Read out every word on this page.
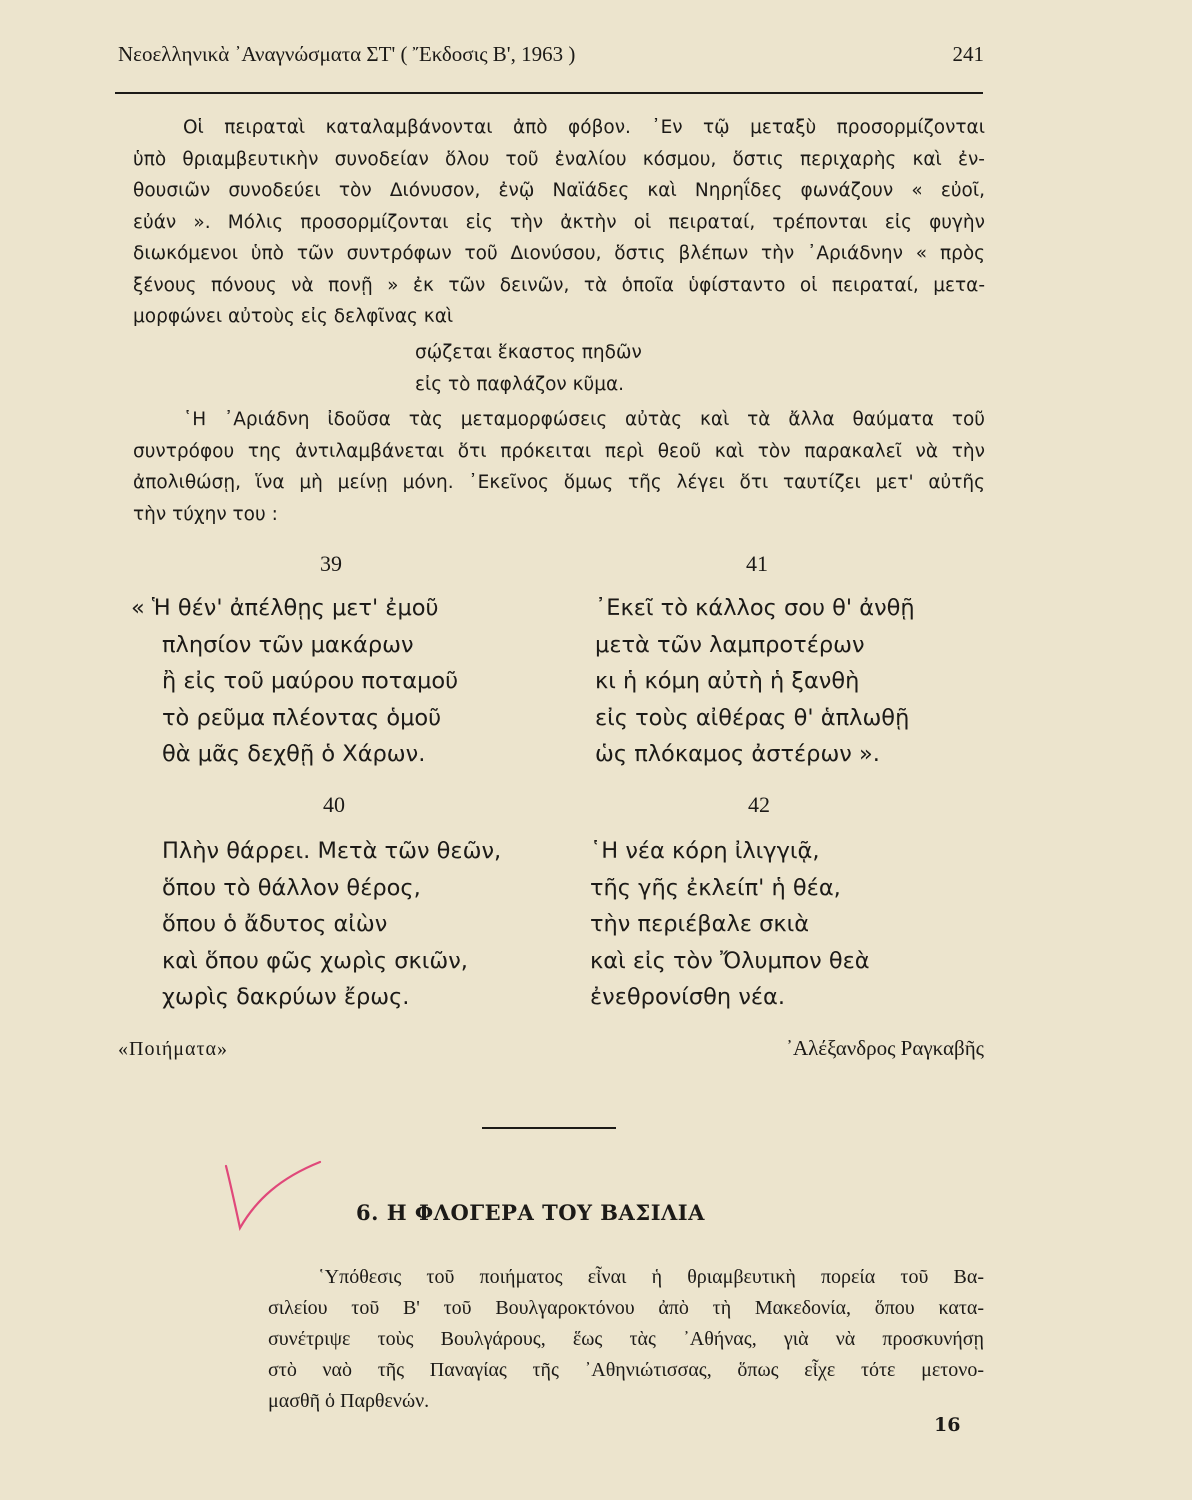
Νεοελληνικὰ ᾿Αναγνώσματα ΣΤ' ( Ἔκδοσις Β', 1963 )	241
Οἱ πειραταὶ καταλαμβάνονται ἀπὸ φόβον. ᾿Εν τῷ μεταξὺ προσορμίζονται
ὑπὸ θριαμβευτικὴν συνοδείαν ὅλου τοῦ ἐναλίου κόσμου, ὅστις περιχαρὴς καὶ ἐν-
θουσιῶν συνοδεύει τὸν Διόνυσον, ἐνῷ Ναϊάδες καὶ Νηρηΐδες φωνάζουν « εὐοῖ,
εὐάν ». Μόλις προσορμίζονται εἰς τὴν ἀκτὴν οἱ πειραταί, τρέπονται εἰς φυγὴν
διωκόμενοι ὑπὸ τῶν συντρόφων τοῦ Διονύσου, ὅστις βλέπων τὴν ᾿Αριάδνην « πρὸς
ξένους πόνους νὰ πονῇ » ἐκ τῶν δεινῶν, τὰ ὁποῖα ὑφίσταντο οἱ πειραταί, μετα-
μορφώνει αὐτοὺς εἰς δελφῖνας καὶ
σῴζεται ἕκαστος πηδῶν
εἰς τὸ παφλάζον κῦμα.
῾Η ᾿Αριάδνη ἰδοῦσα τὰς μεταμορφώσεις αὐτὰς καὶ τὰ ἄλλα θαύματα τοῦ
συντρόφου της ἀντιλαμβάνεται ὅτι πρόκειται περὶ θεοῦ καὶ τὸν παρακαλεῖ νὰ τὴν
ἀπολιθώσῃ, ἵνα μὴ μείνῃ μόνη. ᾿Εκεῖνος ὅμως τῆς λέγει ὅτι ταυτίζει μετ' αὐτῆς
τὴν τύχην του :
39
« Ἡ θέν' ἀπέλθῃς μετ' ἐμοῦ
πλησίον τῶν μακάρων
ἢ εἰς τοῦ μαύρου ποταμοῦ
τὸ ρεῦμα πλέοντας ὁμοῦ
θὰ μᾶς δεχθῇ ὁ Χάρων.
41
᾿Εκεῖ τὸ κάλλος σου θ' ἀνθῇ
μετὰ τῶν λαμπροτέρων
κι ἡ κόμη αὐτὴ ἡ ξανθὴ
εἰς τοὺς αἰθέρας θ' ἁπλωθῇ
ὡς πλόκαμος ἀστέρων ».
40
Πλὴν θάρρει. Μετὰ τῶν θεῶν,
ὅπου τὸ θάλλον θέρος,
ὅπου ὁ ἄδυτος αἰὼν
καὶ ὅπου φῶς χωρὶς σκιῶν,
χωρὶς δακρύων ἔρως.
42
῾Η νέα κόρη ἰλιγγιᾷ,
τῆς γῆς ἐκλείπ' ἡ θέα,
τὴν περιέβαλε σκιὰ
καὶ εἰς τὸν Ὄλυμπον θεὰ
ἐνεθρονίσθη νέα.
«Ποιήματα»	᾿Αλέξανδρος Ραγκαβῆς
6. Η ΦΛΟΓΕΡΑ ΤΟΥ ΒΑΣΙΛΙΑ
῾Υπόθεσις τοῦ ποιήματος εἶναι ἡ θριαμβευτικὴ πορεία τοῦ Βα-
σιλείου τοῦ Β' τοῦ Βουλγαροκτόνου ἀπὸ τὴ Μακεδονία, ὅπου κατα-
συνέτριψε τοὺς Βουλγάρους, ἕως τὰς ᾿Αθήνας, γιὰ νὰ προσκυνήσῃ
στὸ ναὸ τῆς Παναγίας τῆς ᾿Αθηνιώτισσας, ὅπως εἶχε τότε μετονο-
μασθῆ ὁ Παρθενών.
16
